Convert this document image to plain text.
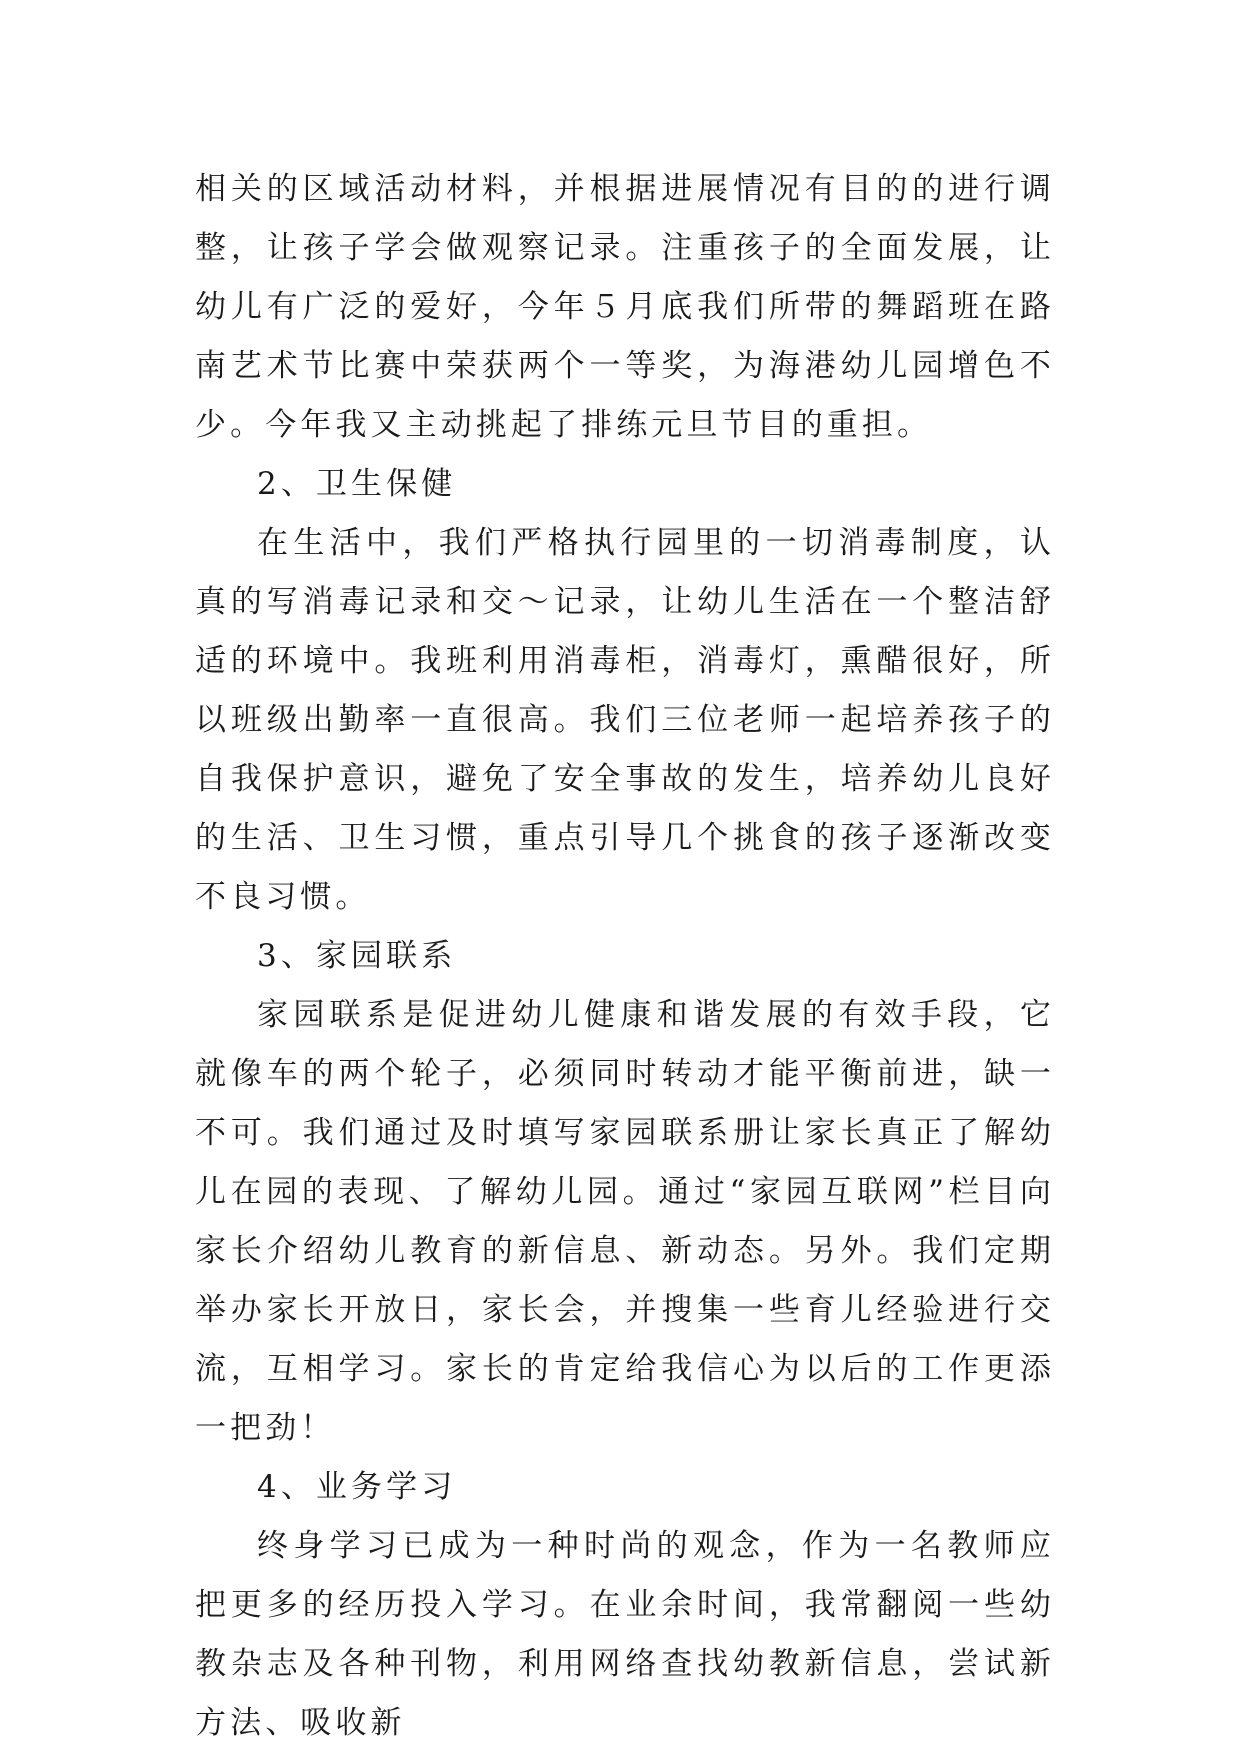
相关的区域活动材料，并根据进展情况有目的的进行调整，让孩子学会做观察记录。注重孩子的全面发展，让幼儿有广泛的爱好，今年５月底我们所带的舞蹈班在路南艺术节比赛中荣获两个一等奖，为海港幼儿园增色不少。今年我又主动挑起了排练元旦节目的重担。

2、卫生保健

在生活中，我们严格执行园里的一切消毒制度，认真的写消毒记录和交～记录，让幼儿生活在一个整洁舒适的环境中。我班利用消毒柜，消毒灯，熏醋很好，所以班级出勤率一直很高。我们三位老师一起培养孩子的自我保护意识，避免了安全事故的发生，培养幼儿良好的生活、卫生习惯，重点引导几个挑食的孩子逐渐改变不良习惯。

3、家园联系

家园联系是促进幼儿健康和谐发展的有效手段，它就像车的两个轮子，必须同时转动才能平衡前进，缺一不可。我们通过及时填写家园联系册让家长真正了解幼儿在园的表现、了解幼儿园。通过“家园互联网”栏目向家长介绍幼儿教育的新信息、新动态。另外。我们定期举办家长开放日，家长会，并搜集一些育儿经验进行交流，互相学习。家长的肯定给我信心为以后的工作更添一把劲！

4、业务学习

终身学习已成为一种时尚的观念，作为一名教师应把更多的经历投入学习。在业余时间，我常翻阅一些幼教杂志及各种刊物，利用网络查找幼教新信息，尝试新方法、吸收新
